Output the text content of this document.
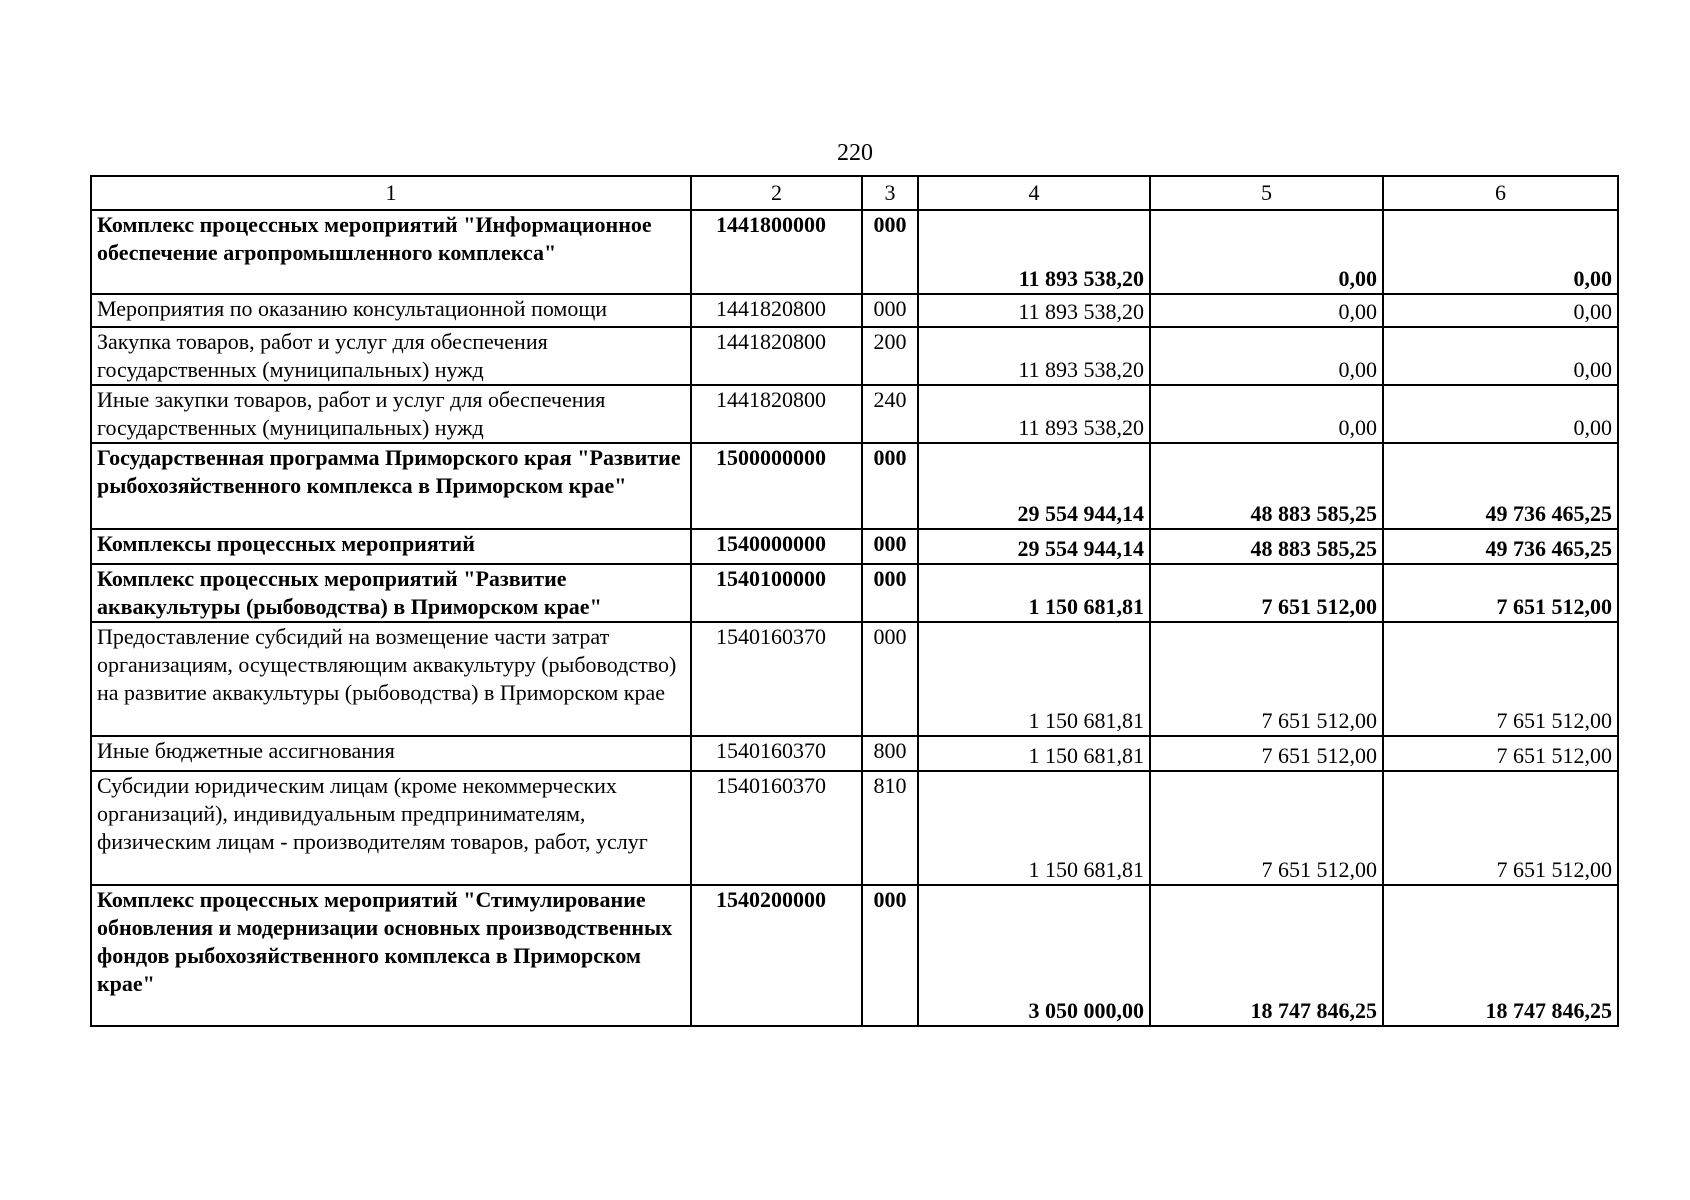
220
1	2	3	4	5	6
Комплекс процессных мероприятий "Информационное обеспечение агропромышленного комплекса"	1441800000	000	11 893 538,20	0,00	0,00
Мероприятия по оказанию консультационной помощи	1441820800	000	11 893 538,20	0,00	0,00
Закупка товаров, работ и услуг для обеспечения государственных (муниципальных) нужд	1441820800	200	11 893 538,20	0,00	0,00
Иные закупки товаров, работ и услуг для обеспечения государственных (муниципальных) нужд	1441820800	240	11 893 538,20	0,00	0,00
Государственная программа Приморского края "Развитие рыбохозяйственного комплекса в Приморском крае"	1500000000	000	29 554 944,14	48 883 585,25	49 736 465,25
Комплексы процессных мероприятий	1540000000	000	29 554 944,14	48 883 585,25	49 736 465,25
Комплекс процессных мероприятий "Развитие аквакультуры (рыбоводства) в Приморском крае"	1540100000	000	1 150 681,81	7 651 512,00	7 651 512,00
Предоставление субсидий на возмещение части затрат организациям, осуществляющим аквакультуру (рыбоводство) на развитие аквакультуры (рыбоводства) в Приморском крае	1540160370	000	1 150 681,81	7 651 512,00	7 651 512,00
Иные бюджетные ассигнования	1540160370	800	1 150 681,81	7 651 512,00	7 651 512,00
Субсидии юридическим лицам (кроме некоммерческих организаций), индивидуальным предпринимателям, физическим лицам - производителям товаров, работ, услуг	1540160370	810	1 150 681,81	7 651 512,00	7 651 512,00
Комплекс процессных мероприятий "Стимулирование обновления и модернизации основных производственных фондов рыбохозяйственного комплекса в Приморском крае"	1540200000	000	3 050 000,00	18 747 846,25	18 747 846,25
